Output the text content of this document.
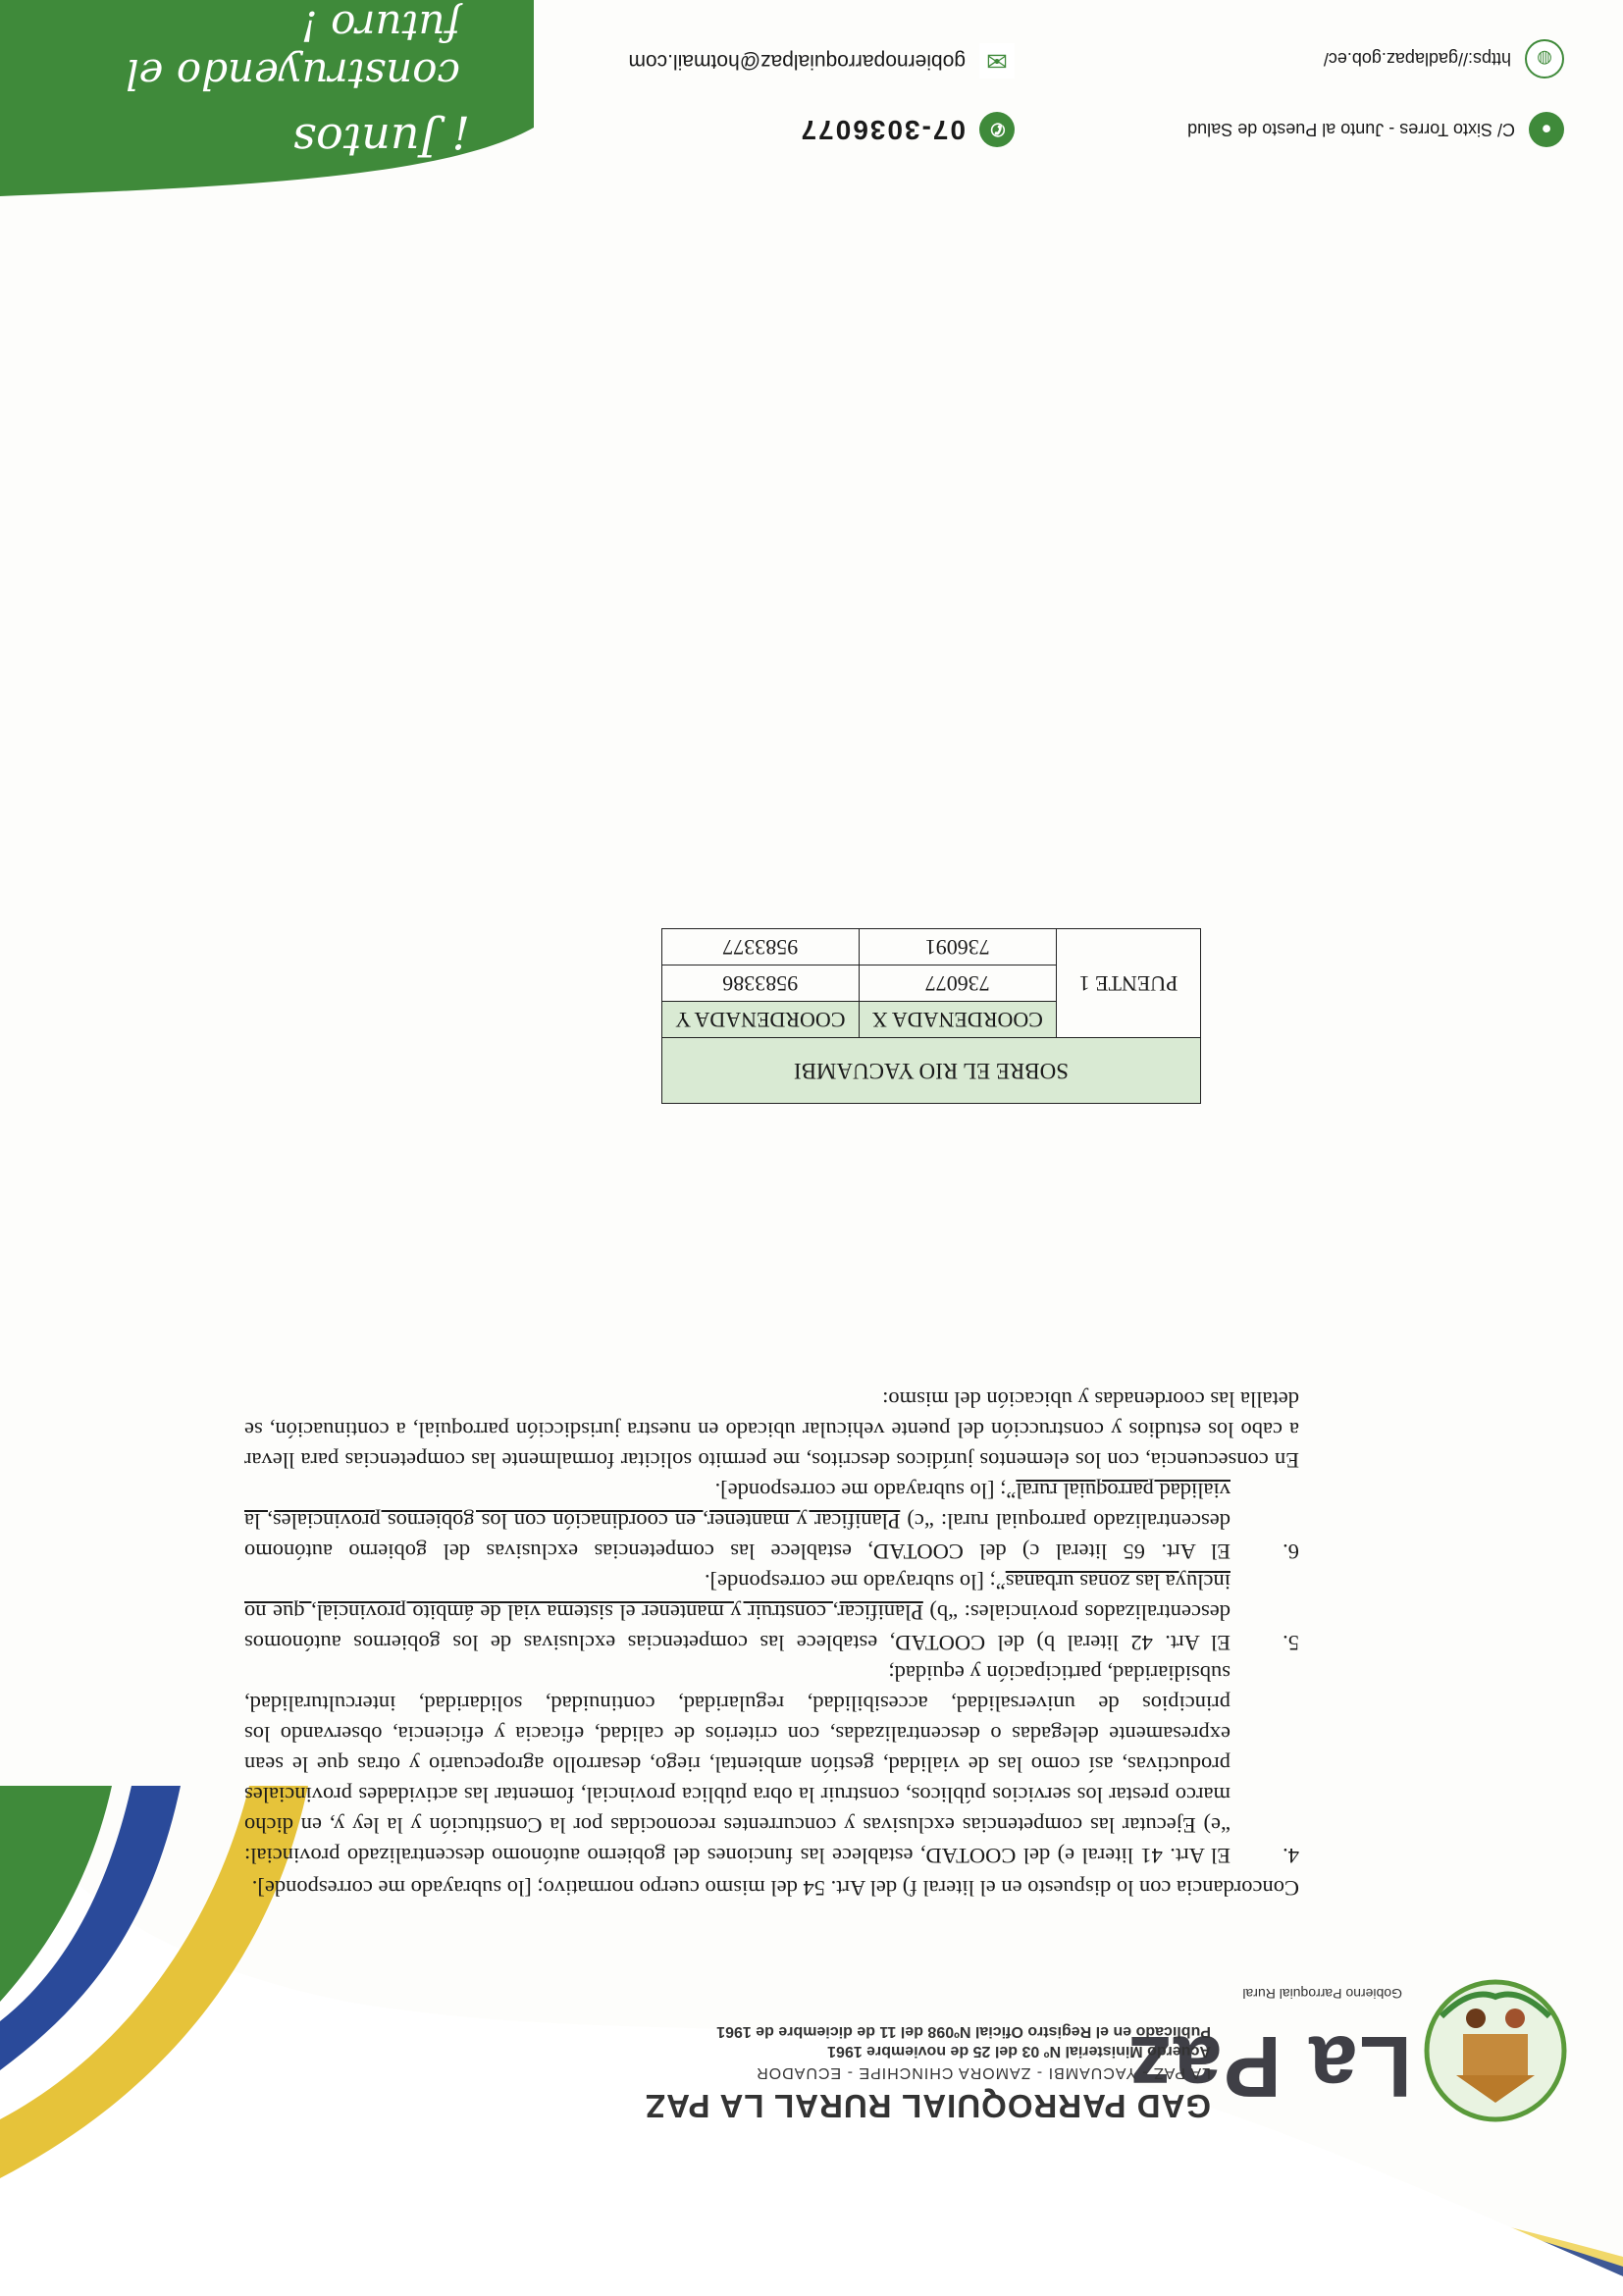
La Paz
Gobierno Parroquial Rural
GAD PARROQUIAL RURAL LA PAZ
LA PAZ - YACUAMBI - ZAMORA CHINCHIPE - ECUADOR
Acuerdo Ministerial Nº 03 del 25 de noviembre 1961
Publicado en el Registro Oficial Nº098 del 11 de diciembre de 1961

Concordancia con lo dispuesto en el literal f) del Art. 54 del mismo cuerpo normativo; [lo subrayado me corresponde].

4.
El Art. 41 literal e) del COOTAD, establece las funciones del gobierno autónomo descentralizado provincial: “e) Ejecutar las competencias exclusivas y concurrentes reconocidas por la Constitución y la ley y, en dicho marco prestar los servicios públicos, construir la obra pública provincial, fomentar las actividades provinciales productivas, así como las de vialidad, gestión ambiental, riego, desarrollo agropecuario y otras que le sean expresamente delegadas o descentralizadas, con criterios de calidad, eficacia y eficiencia, observando los principios de universalidad, accesibilidad, regularidad, continuidad, solidaridad, interculturalidad, subsidiaridad, participación y equidad;
5.
El Art. 42 literal b) del COOTAD, establece las competencias exclusivas de los gobiernos autónomos descentralizados provinciales: “b) Planificar, construir y mantener el sistema vial de ámbito provincial, que no incluya las zonas urbanas”; [lo subrayado me corresponde].
6.
El Art. 65 literal c) del COOTAD, establece las competencias exclusivas del gobierno autónomo descentralizado parroquial rural: “c) Planificar y mantener, en coordinación con los gobiernos provinciales, la vialidad parroquial rural”; [lo subrayado me corresponde].

En consecuencia, con los elementos jurídicos descritos, me permito solicitar formalmente las competencias para llevar a cabo los estudios y construcción del puente vehicular ubicado en nuestra jurisdicción parroquial, a continuación, se detalla las coordenadas y ubicación del mismo:

SOBRE EL RIO YACUAMBI		
PUENTE 1	COORDENADA X	COORDENADA Y
	736077	9583386
	736091	9583377
●
C/ Sixto Torres - Junto al Puesto de Salud
✆
07-3036077
◍
https://gadlapaz.gob.ec/
✉
gobiernoparroquialpaz@hotmail.com
¡ Juntos
construyendo el futuro !
